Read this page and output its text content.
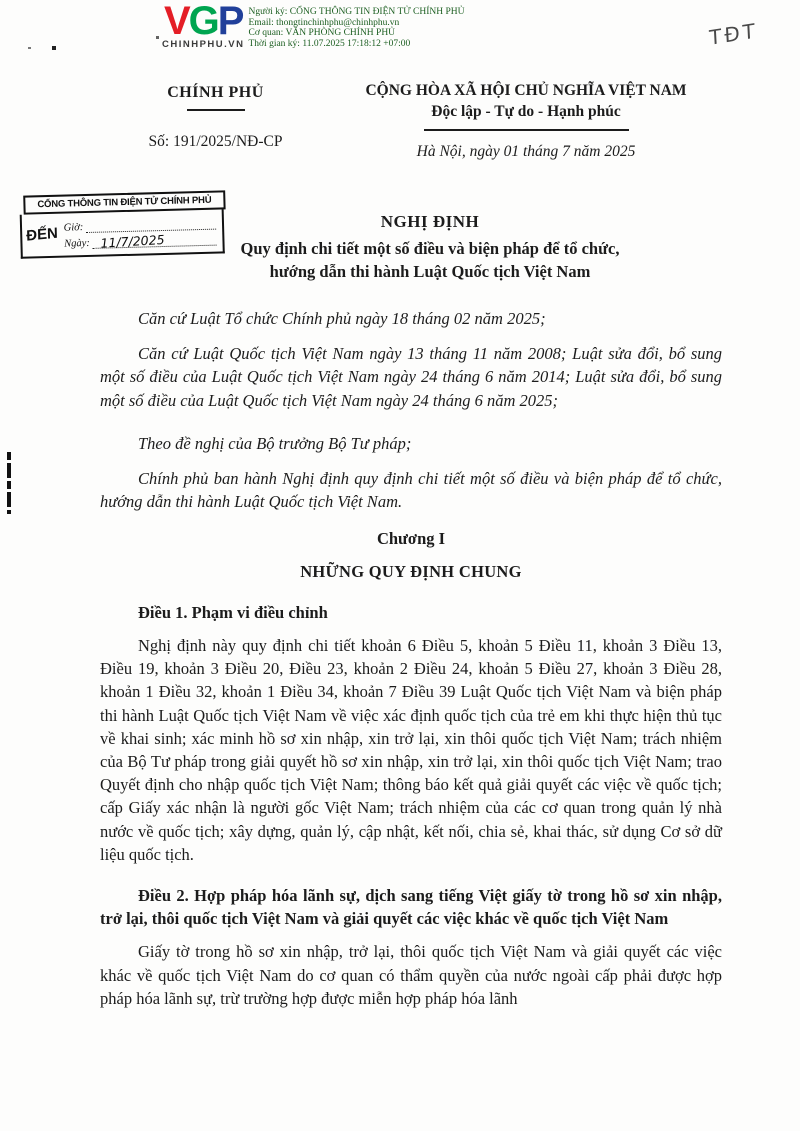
VGP
CHINHPHU.VN
Người ký: CỔNG THÔNG TIN ĐIỆN TỬ CHÍNH PHỦ
Email: thongtinchinhphu@chinhphu.vn
Cơ quan: VĂN PHÒNG CHÍNH PHỦ
Thời gian ký: 11.07.2025 17:18:12 +07:00	TĐT
CHÍNH PHỦ
Số: 191/2025/NĐ-CP
CỘNG HÒA XÃ HỘI CHỦ NGHĨA VIỆT NAM
Độc lập - Tự do - Hạnh phúc
Hà Nội, ngày 01 tháng 7 năm 2025
CỔNG THÔNG TIN ĐIỆN TỬ CHÍNH PHỦ
ĐẾN Giờ:
Ngày: 11/7/2025
NGHỊ ĐỊNH
Quy định chi tiết một số điều và biện pháp để tổ chức,
hướng dẫn thi hành Luật Quốc tịch Việt Nam

Căn cứ Luật Tổ chức Chính phủ ngày 18 tháng 02 năm 2025;

Căn cứ Luật Quốc tịch Việt Nam ngày 13 tháng 11 năm 2008; Luật sửa đổi, bổ sung một số điều của Luật Quốc tịch Việt Nam ngày 24 tháng 6 năm 2014; Luật sửa đổi, bổ sung một số điều của Luật Quốc tịch Việt Nam ngày 24 tháng 6 năm 2025;

Theo đề nghị của Bộ trưởng Bộ Tư pháp;

Chính phủ ban hành Nghị định quy định chi tiết một số điều và biện pháp để tổ chức, hướng dẫn thi hành Luật Quốc tịch Việt Nam.

Chương I
NHỮNG QUY ĐỊNH CHUNG

Điều 1. Phạm vi điều chỉnh

Nghị định này quy định chi tiết khoản 6 Điều 5, khoản 5 Điều 11, khoản 3 Điều 13, Điều 19, khoản 3 Điều 20, Điều 23, khoản 2 Điều 24, khoản 5 Điều 27, khoản 3 Điều 28, khoản 1 Điều 32, khoản 1 Điều 34, khoản 7 Điều 39 Luật Quốc tịch Việt Nam và biện pháp thi hành Luật Quốc tịch Việt Nam về việc xác định quốc tịch của trẻ em khi thực hiện thủ tục về khai sinh; xác minh hồ sơ xin nhập, xin trở lại, xin thôi quốc tịch Việt Nam; trách nhiệm của Bộ Tư pháp trong giải quyết hồ sơ xin nhập, xin trở lại, xin thôi quốc tịch Việt Nam; trao Quyết định cho nhập quốc tịch Việt Nam; thông báo kết quả giải quyết các việc về quốc tịch; cấp Giấy xác nhận là người gốc Việt Nam; trách nhiệm của các cơ quan trong quản lý nhà nước về quốc tịch; xây dựng, quản lý, cập nhật, kết nối, chia sẻ, khai thác, sử dụng Cơ sở dữ liệu quốc tịch.

Điều 2. Hợp pháp hóa lãnh sự, dịch sang tiếng Việt giấy tờ trong hồ sơ xin nhập, trở lại, thôi quốc tịch Việt Nam và giải quyết các việc khác về quốc tịch Việt Nam

Giấy tờ trong hồ sơ xin nhập, trở lại, thôi quốc tịch Việt Nam và giải quyết các việc khác về quốc tịch Việt Nam do cơ quan có thẩm quyền của nước ngoài cấp phải được hợp pháp hóa lãnh sự, trừ trường hợp được miễn hợp pháp hóa lãnh
